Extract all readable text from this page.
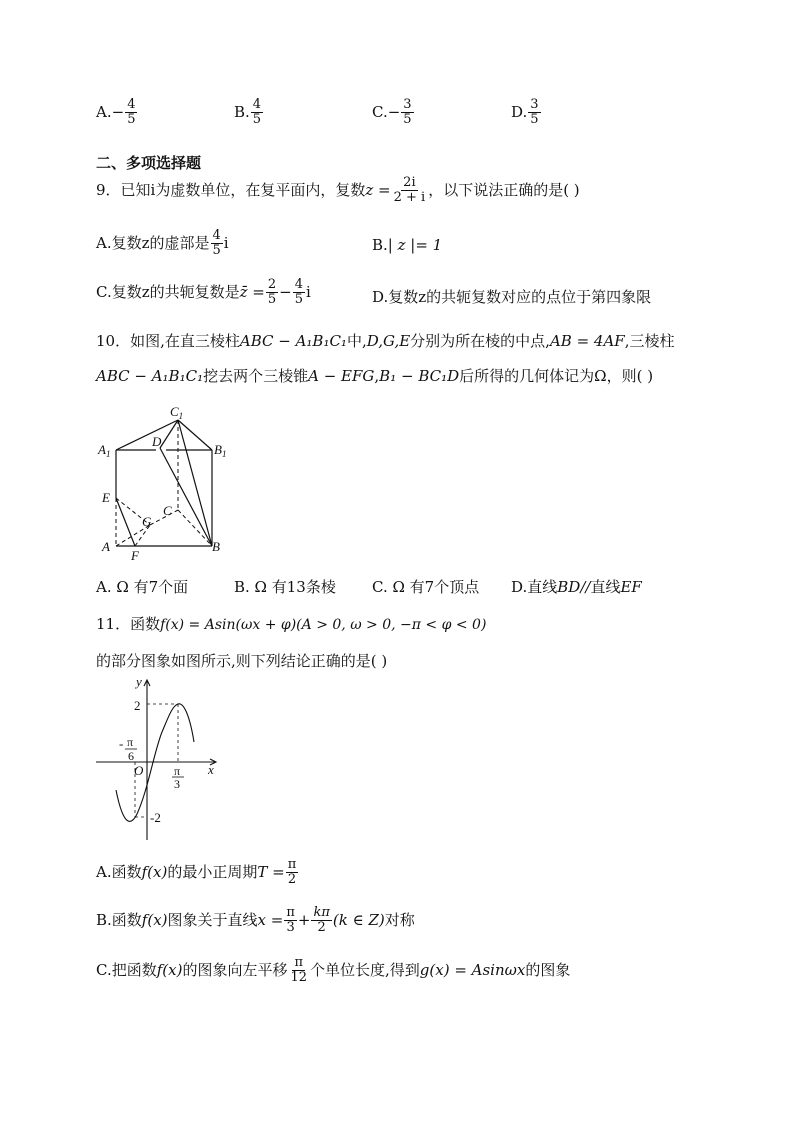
$A.- \frac{4}{5}$	B. $\frac{4}{5}$	$C.- \frac{3}{5}$	D. $\frac{3}{5}$
二、多项选择题
9．已知i为虚数单位，在复平面内，复数$z = \frac{2i}{2 + i}$ ，以下说法正确的是( )
A.复数z的虚部是 $\frac{4}{5}$ i	B.| z |= 1
C.复数z的共轭复数是z̄ = $\frac{2}{5} - \frac{4}{5}$ i	D.复数z的共轭复数对应的点位于第四象限
10．如图,在直三棱柱ABC − A₁B₁C₁中,D,G,E分别为所在棱的中点,AB = 4AF,三棱柱
ABC − A₁B₁C₁挖去两个三棱锥A − EFG,B₁ − BC₁D后所得的几何体记为Ω，则( )
$C_1$
D
$A_1$	$B_1$
E
G
C
A
F
B
A. Ω 有7个面	B. Ω 有13条棱 C. Ω 有7个顶点 D.直线BD//直线EF
11．函数f(x) = Asin(ωx + φ)(A > 0, ω > 0, −π < φ < 0)
的部分图象如图所示,则下列结论正确的是( )
y
x
2
-2
O
- π
6
π
3
A.函数f(x)的最小正周期$T = \frac{\pi}{2}$
B.函数f(x)图象关于直线$x = \frac{\pi}{3} + \frac{k\pi}{2} (k$ ∈ Z)对称
C.把函数f(x)的图象向左平移 $\frac{\pi}{12}$ 个单位长度,得到g(x) = Asinωx的图象
